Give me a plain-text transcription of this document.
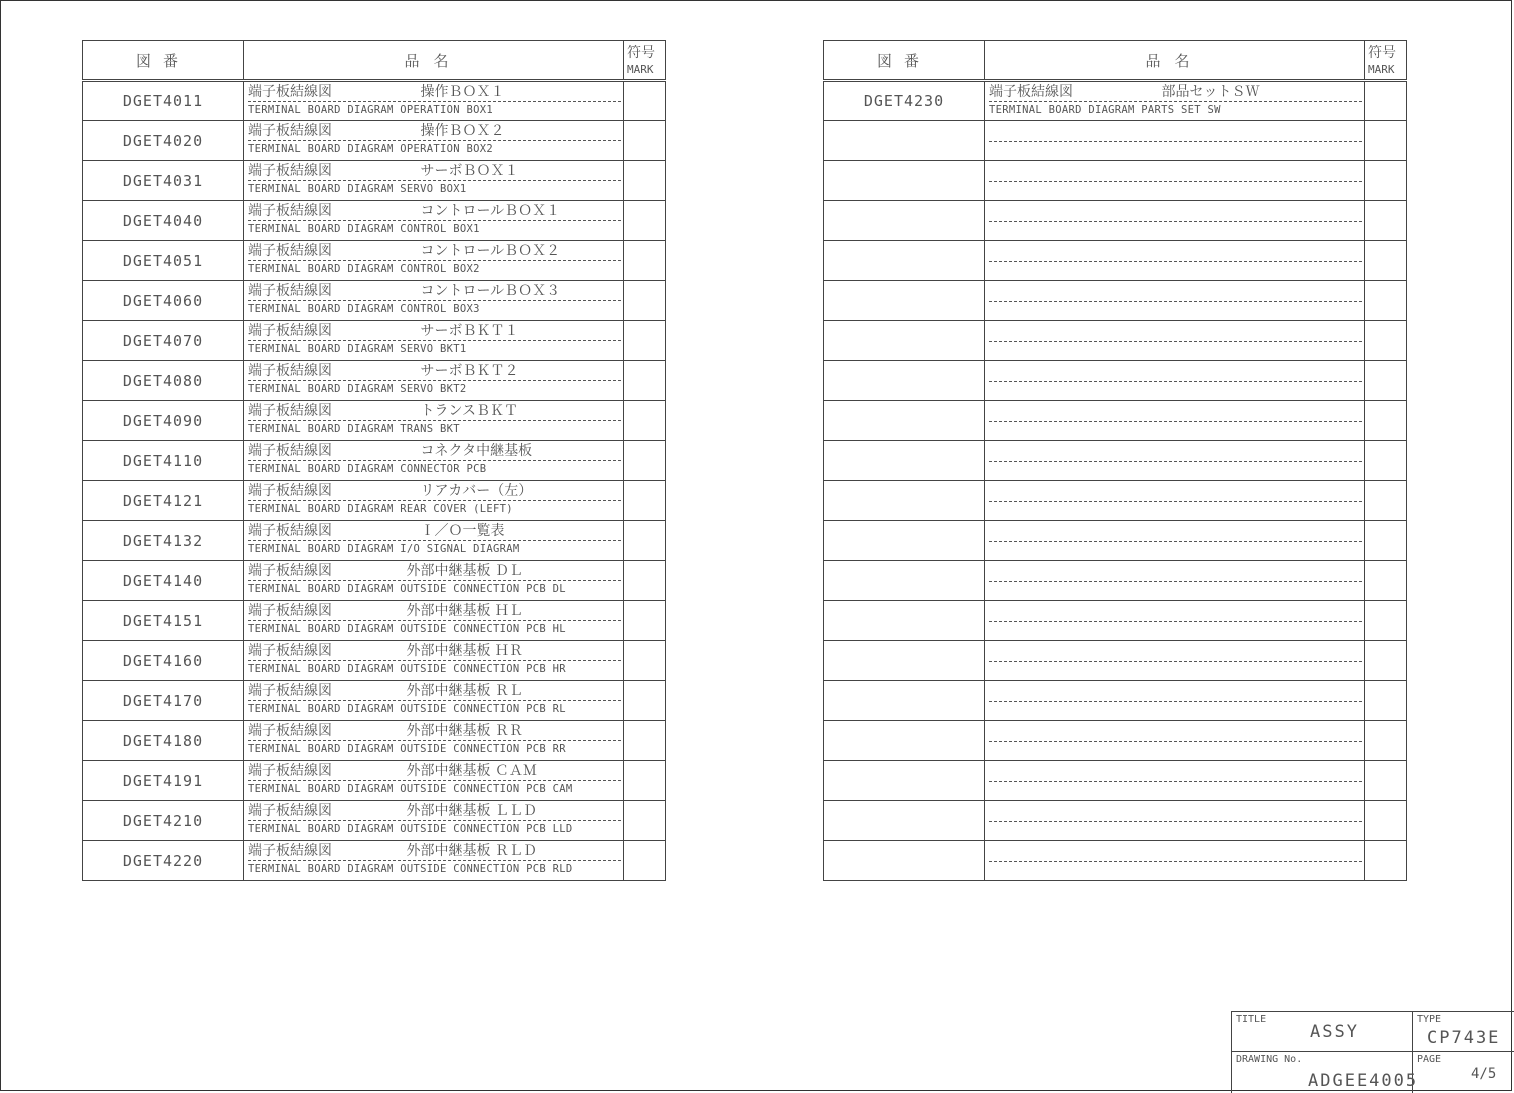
図番	品名	符号
MARK

DGET4011	端子板結線図 　　　　　　操作ＢＯＸ１
TERMINAL BOARD DIAGRAM OPERATION BOX1	

DGET4020	端子板結線図 　　　　　　操作ＢＯＸ２
TERMINAL BOARD DIAGRAM OPERATION BOX2	

DGET4031	端子板結線図 　　　　　　サーボＢＯＸ１
TERMINAL BOARD DIAGRAM SERVO BOX1	

DGET4040	端子板結線図 　　　　　　コントロールＢＯＸ１
TERMINAL BOARD DIAGRAM CONTROL BOX1	

DGET4051	端子板結線図 　　　　　　コントロールＢＯＸ２
TERMINAL BOARD DIAGRAM CONTROL BOX2	

DGET4060	端子板結線図 　　　　　　コントロールＢＯＸ３
TERMINAL BOARD DIAGRAM CONTROL BOX3	

DGET4070	端子板結線図 　　　　　　サーボＢＫＴ１
TERMINAL BOARD DIAGRAM SERVO BKT1	

DGET4080	端子板結線図 　　　　　　サーボＢＫＴ２
TERMINAL BOARD DIAGRAM SERVO BKT2	

DGET4090	端子板結線図 　　　　　　トランスＢＫＴ
TERMINAL BOARD DIAGRAM TRANS BKT	

DGET4110	端子板結線図 　　　　　　コネクタ中継基板
TERMINAL BOARD DIAGRAM CONNECTOR PCB	

DGET4121	端子板結線図 　　　　　　リアカバー（左）
TERMINAL BOARD DIAGRAM REAR COVER (LEFT)	

DGET4132	端子板結線図 　　　　　　Ｉ／Ｏ一覧表
TERMINAL BOARD DIAGRAM I/O SIGNAL DIAGRAM	

DGET4140	端子板結線図 　　　　　外部中継基板 ＤＬ
TERMINAL BOARD DIAGRAM OUTSIDE CONNECTION PCB DL	

DGET4151	端子板結線図 　　　　　外部中継基板 ＨＬ
TERMINAL BOARD DIAGRAM OUTSIDE CONNECTION PCB HL	

DGET4160	端子板結線図 　　　　　外部中継基板 ＨＲ
TERMINAL BOARD DIAGRAM OUTSIDE CONNECTION PCB HR	

DGET4170	端子板結線図 　　　　　外部中継基板 ＲＬ
TERMINAL BOARD DIAGRAM OUTSIDE CONNECTION PCB RL	

DGET4180	端子板結線図 　　　　　外部中継基板 ＲＲ
TERMINAL BOARD DIAGRAM OUTSIDE CONNECTION PCB RR	

DGET4191	端子板結線図 　　　　　外部中継基板 ＣＡＭ
TERMINAL BOARD DIAGRAM OUTSIDE CONNECTION PCB CAM	

DGET4210	端子板結線図 　　　　　外部中継基板 ＬＬＤ
TERMINAL BOARD DIAGRAM OUTSIDE CONNECTION PCB LLD	

DGET4220	端子板結線図 　　　　　外部中継基板 ＲＬＤ
TERMINAL BOARD DIAGRAM OUTSIDE CONNECTION PCB RLD	

図番	品名	符号
MARK

DGET4230	端子板結線図 　　　　　　部品セットＳＷ
TERMINAL BOARD DIAGRAM PARTS SET SW	

TITLE
ASSY
TYPE
CP743E
DRAWING No.
ADGEE4005
PAGE
4/5
